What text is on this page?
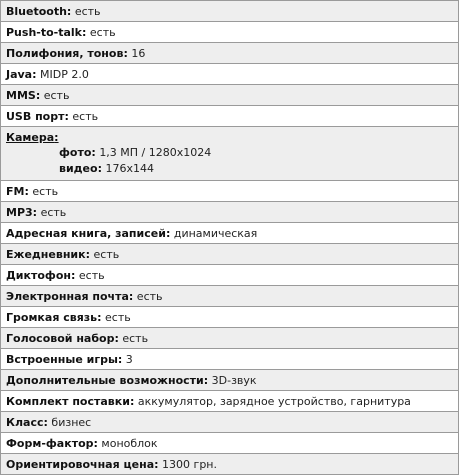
Bluetooth :
есть
Push-to-talk :
есть
Полифония, тонов :
16
Java :
MIDP 2.0
MMS :
есть
USB порт :
есть
Камера:
фото: 1,3 МП / 1280x1024
видео: 176x144
FM :
есть
MP3 :
есть
Адресная книга, записей :
динамическая
Ежедневник :
есть
Диктофон :
есть
Электронная почта :
есть
Громкая связь :
есть
Голосовой набор :
есть
Встроенные игры :
3
Дополнительные возможности :
3D-звук
Комплект поставки :
аккумулятор, зарядное устройство, гарнитура
Класс :
бизнес
Форм-фактор :
моноблок
Ориентировочная цена :
1300 грн.
